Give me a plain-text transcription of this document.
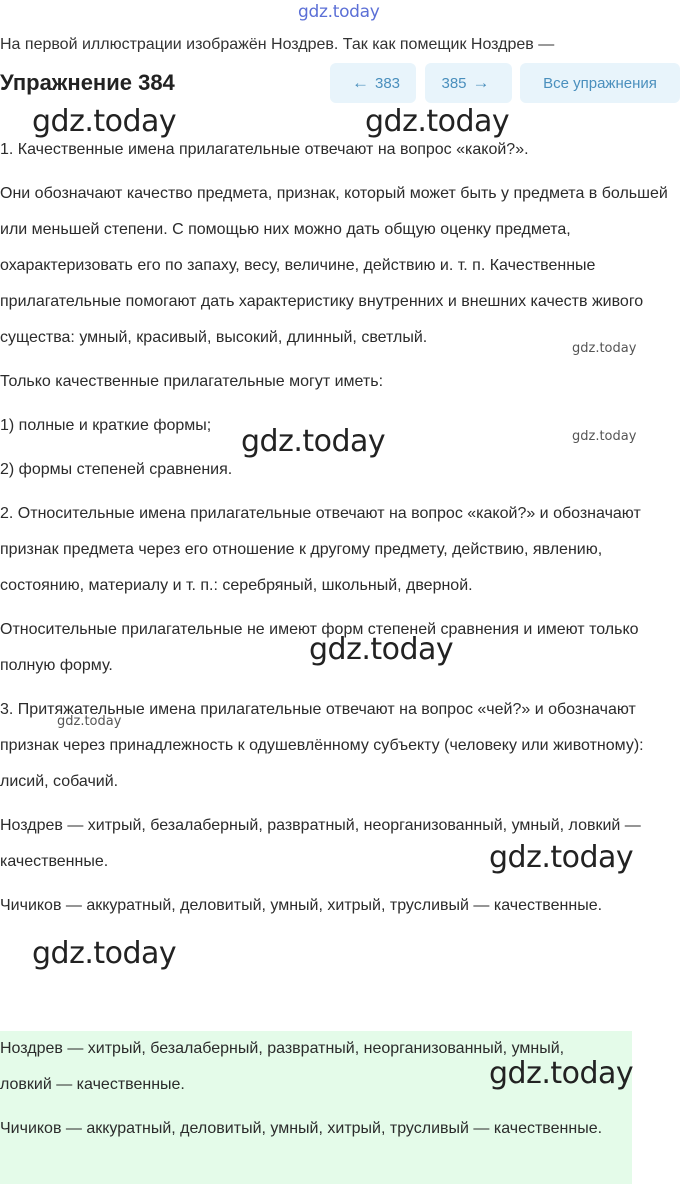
gdz.today
На первой иллюстрации изображён Ноздрев. Так как помещик Ноздрев —
Упражнение 384	← 383	385 →	Все упражнения

1. Качественные имена прилагательные отвечают на вопрос «какой?».

Они обозначают качество предмета, признак, который может быть у предмета в большей или меньшей степени. С помощью них можно дать общую оценку предмета, охарактеризовать его по запаху, весу, величине, действию и. т. п. Качественные прилагательные помогают дать характеристику внутренних и внешних качеств живого существа: умный, красивый, высокий, длинный, светлый.

Только качественные прилагательные могут иметь:

1) полные и краткие формы;

2) формы степеней сравнения.

2. Относительные имена прилагательные отвечают на вопрос «какой?» и обозначают признак предмета через его отношение к другому предмету, действию, явлению, состоянию, материалу и т. п.: серебряный, школьный, дверной.

Относительные прилагательные не имеют форм степеней сравнения и имеют только полную форму.

3. Притяжательные имена прилагательные отвечают на вопрос «чей?» и обозначают признак через принадлежность к одушевлённому субъекту (человеку или животному): лисий, собачий.

Ноздрев — хитрый, безалаберный, развратный, неорганизованный, умный, ловкий — качественные.

Чичиков — аккуратный, деловитый, умный, хитрый, трусливый — качественные.

Ноздрев — хитрый, безалаберный, развратный, неорганизованный, умный, ловкий — качественные.

Чичиков — аккуратный, деловитый, умный, хитрый, трусливый — качественные.

gdz.today	gdz.today
gdz.today
gdz.today
gdz.today
gdz.today
gdz.today
gdz.today
gdz.today
gdz.today
